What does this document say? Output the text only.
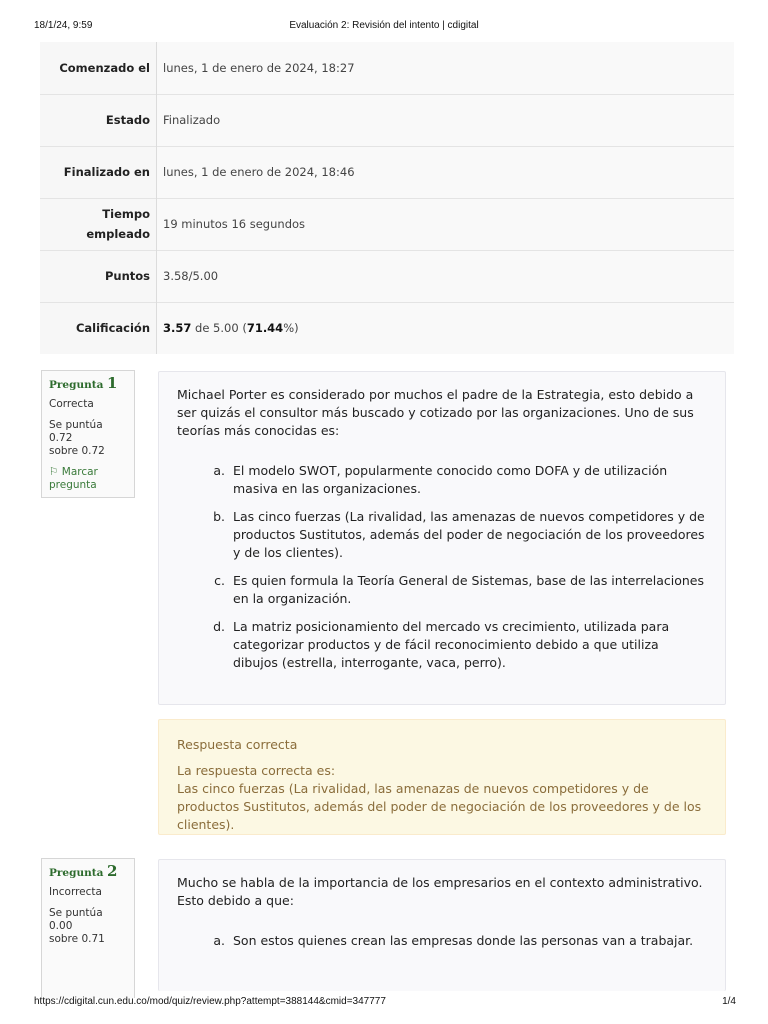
18/1/24, 9:59	Evaluación 2: Revisión del intento | cdigital
Comenzado el	lunes, 1 de enero de 2024, 18:27
Estado	Finalizado
Finalizado en	lunes, 1 de enero de 2024, 18:46
Tiempo
empleado	19 minutos 16 segundos
Puntos	3.58/5.00
Calificación	3.57 de 5.00 (71.44%)
Pregunta 1
Correcta
Se puntúa 0.72
sobre 0.72
⚐ Marcar
pregunta
Michael Porter es considerado por muchos el padre de la Estrategia, esto debido a ser quizás el consultor más buscado y cotizado por las organizaciones. Uno de sus teorías más conocidas es:
a. El modelo SWOT, popularmente conocido como DOFA y de utilización masiva en las organizaciones.
b. Las cinco fuerzas (La rivalidad, las amenazas de nuevos competidores y de productos Sustitutos, además del poder de negociación de los proveedores y de los clientes).
c. Es quien formula la Teoría General de Sistemas, base de las interrelaciones en la organización.
d. La matriz posicionamiento del mercado vs crecimiento, utilizada para categorizar productos y de fácil reconocimiento debido a que utiliza dibujos (estrella, interrogante, vaca, perro).
Respuesta correcta
La respuesta correcta es:
Las cinco fuerzas (La rivalidad, las amenazas de nuevos competidores y de productos Sustitutos, además del poder de negociación de los proveedores y de los clientes).
Pregunta 2
Incorrecta
Se puntúa 0.00
sobre 0.71
Mucho se habla de la importancia de los empresarios en el contexto administrativo. Esto debido a que:
a. Son estos quienes crean las empresas donde las personas van a trabajar.
https://cdigital.cun.edu.co/mod/quiz/review.php?attempt=388144&cmid=347777	1/4
